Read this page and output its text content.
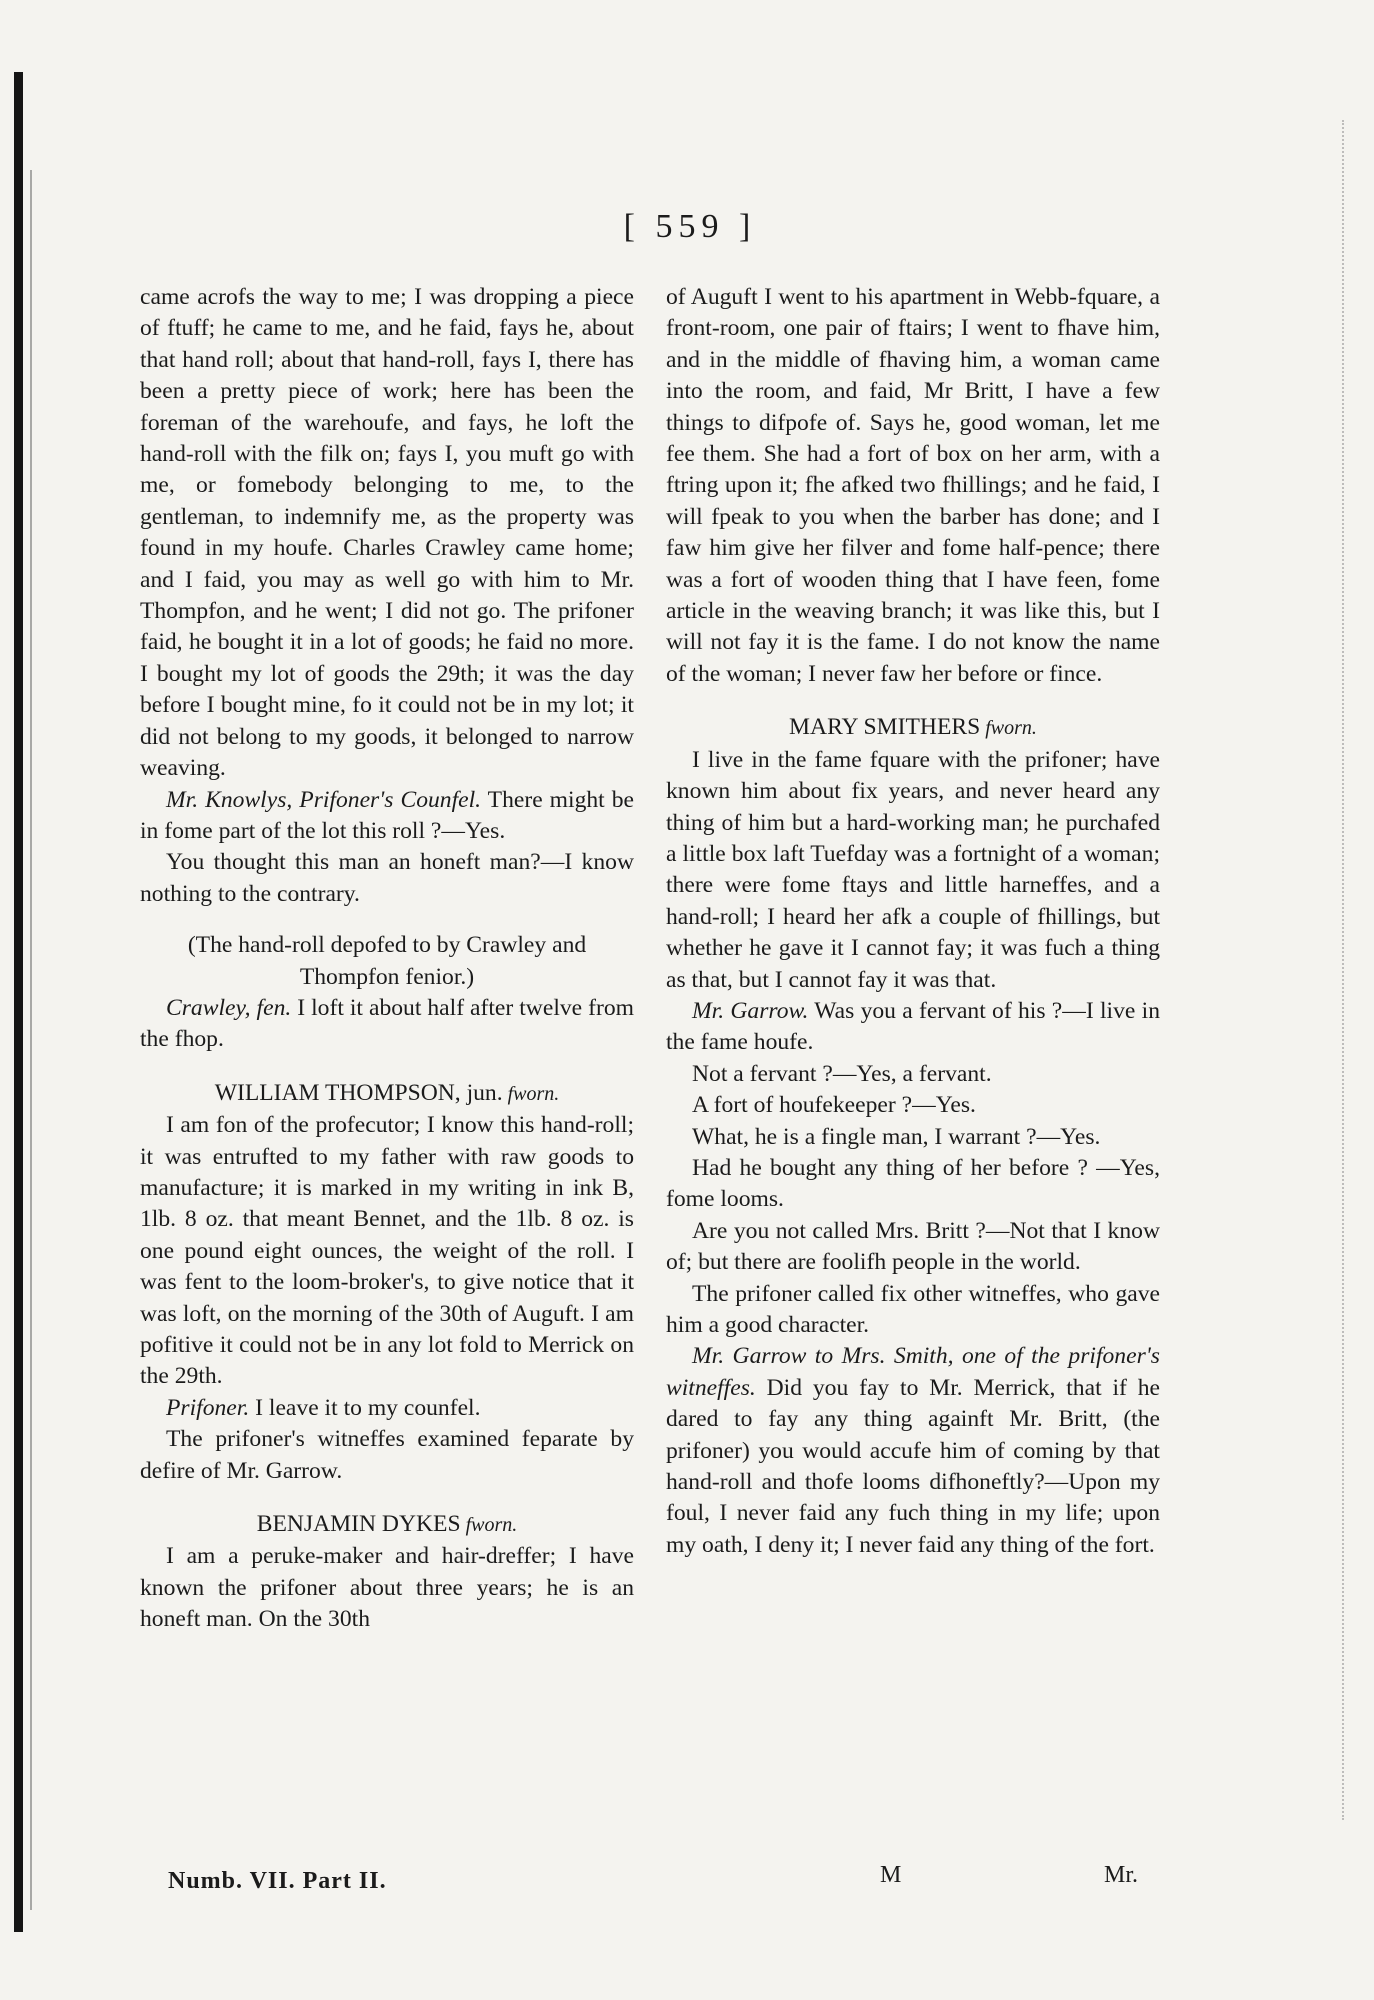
[ 559 ]

came acrofs the way to me; I was dropping a piece of ftuff; he came to me, and he faid, fays he, about that hand roll; about that hand-roll, fays I, there has been a pretty piece of work; here has been the foreman of the warehoufe, and fays, he loft the hand-roll with the filk on; fays I, you muft go with me, or fomebody belonging to me, to the gentleman, to indemnify me, as the property was found in my houfe. Charles Crawley came home; and I faid, you may as well go with him to Mr. Thompfon, and he went; I did not go. The prifoner faid, he bought it in a lot of goods; he faid no more. I bought my lot of goods the 29th; it was the day before I bought mine, fo it could not be in my lot; it did not belong to my goods, it belonged to narrow weaving.

Mr. Knowlys, Prifoner's Counfel. There might be in fome part of the lot this roll ?—Yes.

You thought this man an honeft man?—I know nothing to the contrary.

(The hand-roll depofed to by Crawley and Thompfon fenior.)

Crawley, fen. I loft it about half after twelve from the fhop.

WILLIAM THOMPSON, jun. fworn.

I am fon of the profecutor; I know this hand-roll; it was entrufted to my father with raw goods to manufacture; it is marked in my writing in ink B, 1lb. 8 oz. that meant Bennet, and the 1lb. 8 oz. is one pound eight ounces, the weight of the roll. I was fent to the loom-broker's, to give notice that it was loft, on the morning of the 30th of Auguft. I am pofitive it could not be in any lot fold to Merrick on the 29th.

Prifoner. I leave it to my counfel.

The prifoner's witneffes examined feparate by defire of Mr. Garrow.

BENJAMIN DYKES fworn.

I am a peruke-maker and hair-dreffer; I have known the prifoner about three years; he is an honeft man. On the 30th

of Auguft I went to his apartment in Webb-fquare, a front-room, one pair of ftairs; I went to fhave him, and in the middle of fhaving him, a woman came into the room, and faid, Mr Britt, I have a few things to difpofe of. Says he, good woman, let me fee them. She had a fort of box on her arm, with a ftring upon it; fhe afked two fhillings; and he faid, I will fpeak to you when the barber has done; and I faw him give her filver and fome half-pence; there was a fort of wooden thing that I have feen, fome article in the weaving branch; it was like this, but I will not fay it is the fame. I do not know the name of the woman; I never faw her before or fince.

MARY SMITHERS fworn.

I live in the fame fquare with the prifoner; have known him about fix years, and never heard any thing of him but a hard-working man; he purchafed a little box laft Tuefday was a fortnight of a woman; there were fome ftays and little harneffes, and a hand-roll; I heard her afk a couple of fhillings, but whether he gave it I cannot fay; it was fuch a thing as that, but I cannot fay it was that.

Mr. Garrow. Was you a fervant of his ?—I live in the fame houfe.

Not a fervant ?—Yes, a fervant.

A fort of houfekeeper ?—Yes.

What, he is a fingle man, I warrant ?—Yes.

Had he bought any thing of her before ? —Yes, fome looms.

Are you not called Mrs. Britt ?—Not that I know of; but there are foolifh people in the world.

The prifoner called fix other witneffes, who gave him a good character.

Mr. Garrow to Mrs. Smith, one of the prifoner's witneffes. Did you fay to Mr. Merrick, that if he dared to fay any thing againft Mr. Britt, (the prifoner) you would accufe him of coming by that hand-roll and thofe looms difhoneftly?—Upon my foul, I never faid any fuch thing in my life; upon my oath, I deny it; I never faid any thing of the fort.

Numb. VII. Part II.	M	Mr.
